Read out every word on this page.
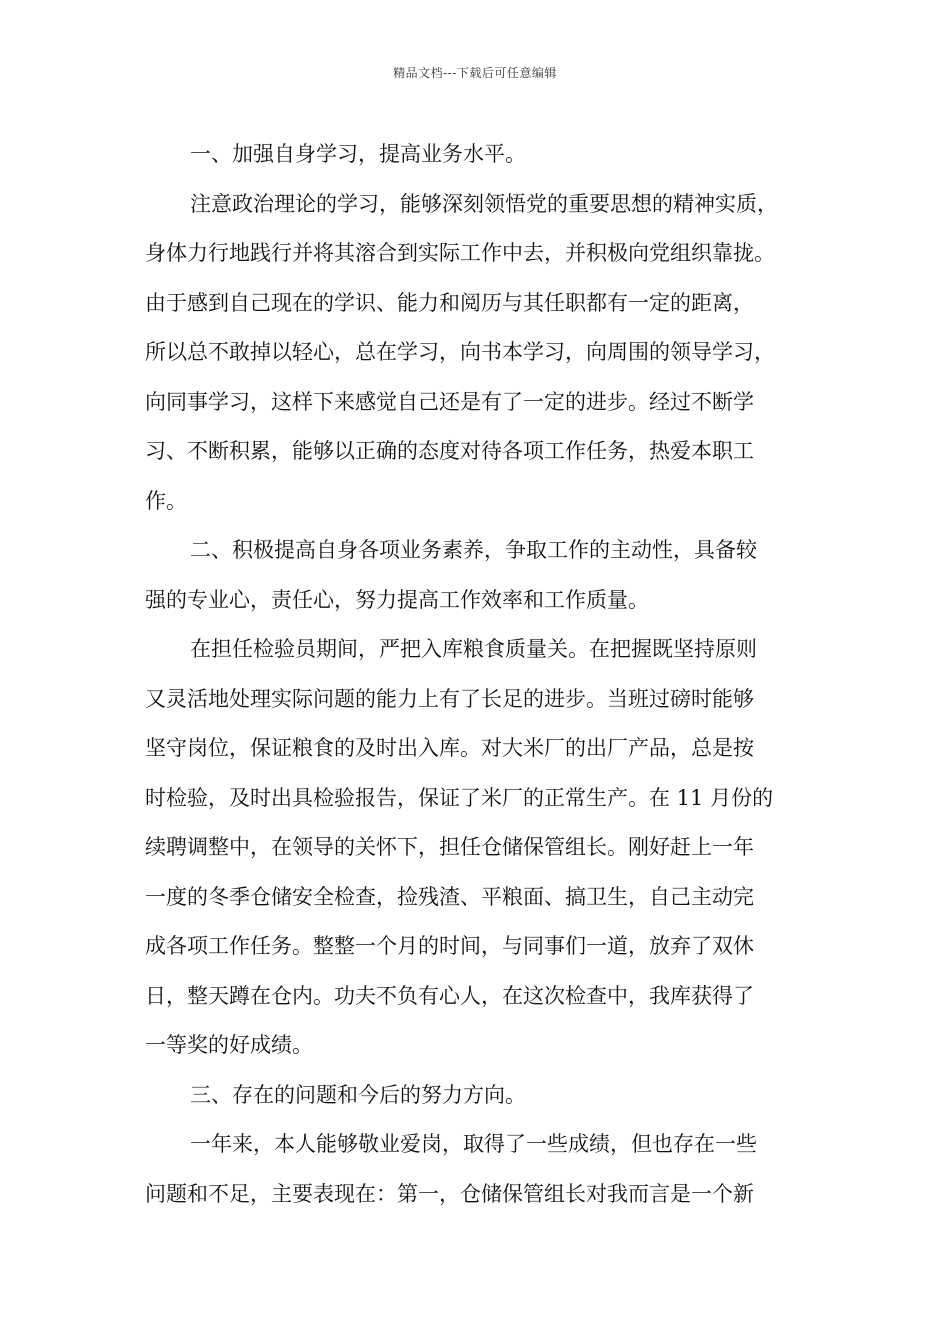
精品文档---下载后可任意编辑
一、加强自身学习，提高业务水平。
注意政治理论的学习，能够深刻领悟党的重要思想的精神实质，
身体力行地践行并将其溶合到实际工作中去，并积极向党组织靠拢。
由于感到自己现在的学识、能力和阅历与其任职都有一定的距离，
所以总不敢掉以轻心，总在学习，向书本学习，向周围的领导学习，
向同事学习，这样下来感觉自己还是有了一定的进步。经过不断学
习、不断积累，能够以正确的态度对待各项工作任务，热爱本职工
作。
二、积极提高自身各项业务素养，争取工作的主动性，具备较
强的专业心，责任心，努力提高工作效率和工作质量。
在担任检验员期间，严把入库粮食质量关。在把握既坚持原则
又灵活地处理实际问题的能力上有了长足的进步。当班过磅时能够
坚守岗位，保证粮食的及时出入库。对大米厂的出厂产品，总是按
时检验，及时出具检验报告，保证了米厂的正常生产。在 11 月份的
续聘调整中，在领导的关怀下，担任仓储保管组长。刚好赶上一年
一度的冬季仓储安全检查，捡残渣、平粮面、搞卫生，自己主动完
成各项工作任务。整整一个月的时间，与同事们一道，放弃了双休
日，整天蹲在仓内。功夫不负有心人，在这次检查中，我库获得了
一等奖的好成绩。
三、存在的问题和今后的努力方向。
一年来，本人能够敬业爱岗，取得了一些成绩，但也存在一些
问题和不足，主要表现在：第一，仓储保管组长对我而言是一个新
